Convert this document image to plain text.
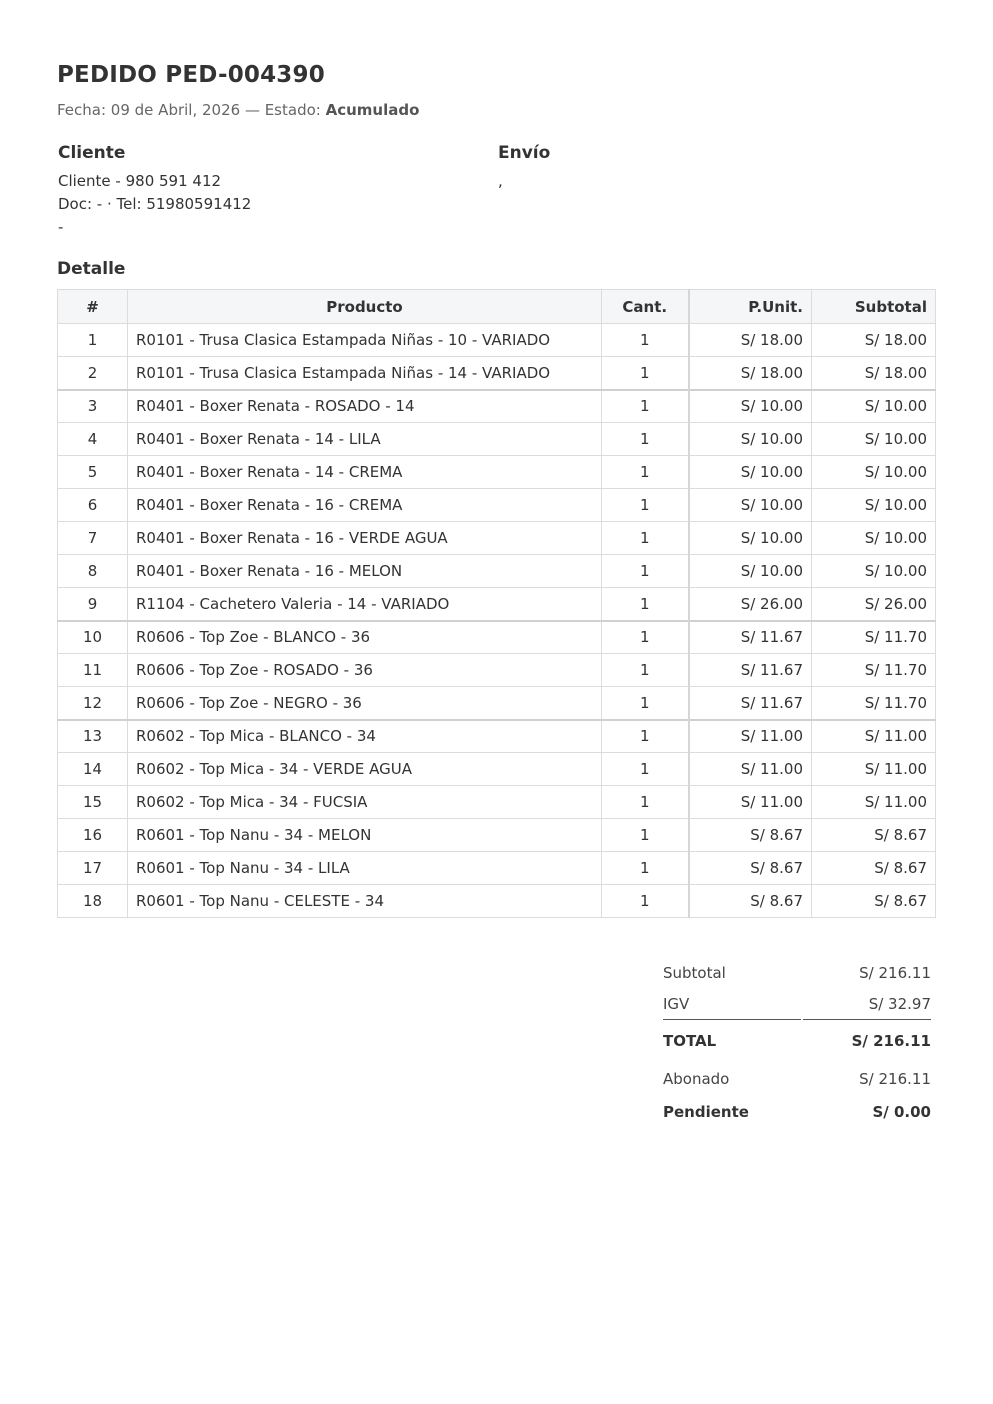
PEDIDO PED-004390
Fecha: 09 de Abril, 2026 — Estado: Acumulado
Cliente
Cliente - 980 591 412
Doc: - · Tel: 51980591412
-
Envío
,
Detalle
#	Producto	Cant.	P.Unit.	Subtotal
1	R0101 - Trusa Clasica Estampada Niñas - 10 - VARIADO	1	S/ 18.00	S/ 18.00
2	R0101 - Trusa Clasica Estampada Niñas - 14 - VARIADO	1	S/ 18.00	S/ 18.00
3	R0401 - Boxer Renata - ROSADO - 14	1	S/ 10.00	S/ 10.00
4	R0401 - Boxer Renata - 14 - LILA	1	S/ 10.00	S/ 10.00
5	R0401 - Boxer Renata - 14 - CREMA	1	S/ 10.00	S/ 10.00
6	R0401 - Boxer Renata - 16 - CREMA	1	S/ 10.00	S/ 10.00
7	R0401 - Boxer Renata - 16 - VERDE AGUA	1	S/ 10.00	S/ 10.00
8	R0401 - Boxer Renata - 16 - MELON	1	S/ 10.00	S/ 10.00
9	R1104 - Cachetero Valeria - 14 - VARIADO	1	S/ 26.00	S/ 26.00
10	R0606 - Top Zoe - BLANCO - 36	1	S/ 11.67	S/ 11.70
11	R0606 - Top Zoe - ROSADO - 36	1	S/ 11.67	S/ 11.70
12	R0606 - Top Zoe - NEGRO - 36	1	S/ 11.67	S/ 11.70
13	R0602 - Top Mica - BLANCO - 34	1	S/ 11.00	S/ 11.00
14	R0602 - Top Mica - 34 - VERDE AGUA	1	S/ 11.00	S/ 11.00
15	R0602 - Top Mica - 34 - FUCSIA	1	S/ 11.00	S/ 11.00
16	R0601 - Top Nanu - 34 - MELON	1	S/ 8.67	S/ 8.67
17	R0601 - Top Nanu - 34 - LILA	1	S/ 8.67	S/ 8.67
18	R0601 - Top Nanu - CELESTE - 34	1	S/ 8.67	S/ 8.67
Subtotal	S/ 216.11
IGV	S/ 32.97
TOTAL	S/ 216.11
Abonado	S/ 216.11
Pendiente	S/ 0.00
